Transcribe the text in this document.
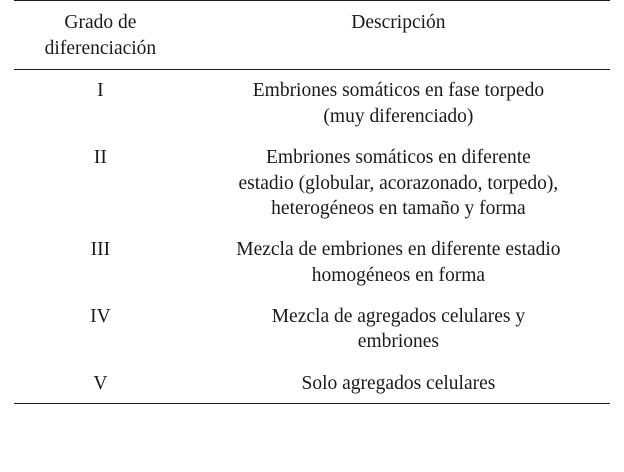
Grado de
diferenciación	Descripción

I	Embriones somáticos en fase torpedo
(muy diferenciado)

II	Embriones somáticos en diferente
estadio (globular, acorazonado, torpedo),
heterogéneos en tamaño y forma

III	Mezcla de embriones en diferente estadio
homogéneos en forma

IV	Mezcla de agregados celulares y
embriones

V	Solo agregados celulares
